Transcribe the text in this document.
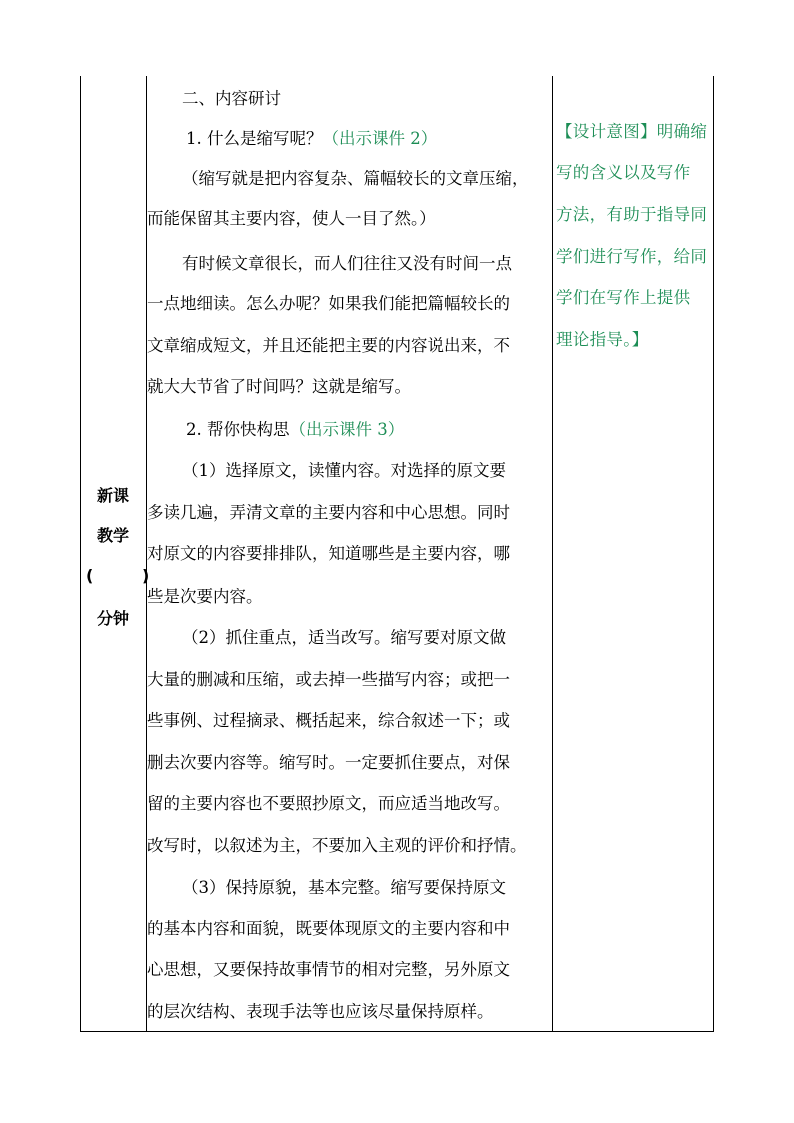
新课
教学
(	)
分钟
二、内容研讨
1. 什么是缩写呢？（出示课件 2）
（缩写就是把内容复杂、篇幅较长的文章压缩，
而能保留其主要内容，使人一目了然。）
有时候文章很长，而人们往往又没有时间一点
一点地细读。怎么办呢？如果我们能把篇幅较长的
文章缩成短文，并且还能把主要的内容说出来，不
就大大节省了时间吗？这就是缩写。
2. 帮你快构思（出示课件 3）
（1）选择原文，读懂内容。对选择的原文要
多读几遍，弄清文章的主要内容和中心思想。同时
对原文的内容要排排队，知道哪些是主要内容，哪
些是次要内容。
（2）抓住重点，适当改写。缩写要对原文做
大量的删减和压缩，或去掉一些描写内容；或把一
些事例、过程摘录、概括起来，综合叙述一下；或
删去次要内容等。缩写时。一定要抓住要点，对保
留的主要内容也不要照抄原文，而应适当地改写。
改写时，以叙述为主，不要加入主观的评价和抒情。
（3）保持原貌，基本完整。缩写要保持原文
的基本内容和面貌，既要体现原文的主要内容和中
心思想，又要保持故事情节的相对完整，另外原文
的层次结构、表现手法等也应该尽量保持原样。
【设计意图】明确缩
写的含义以及写作
方法，有助于指导同
学们进行写作，给同
学们在写作上提供
理论指导。】
